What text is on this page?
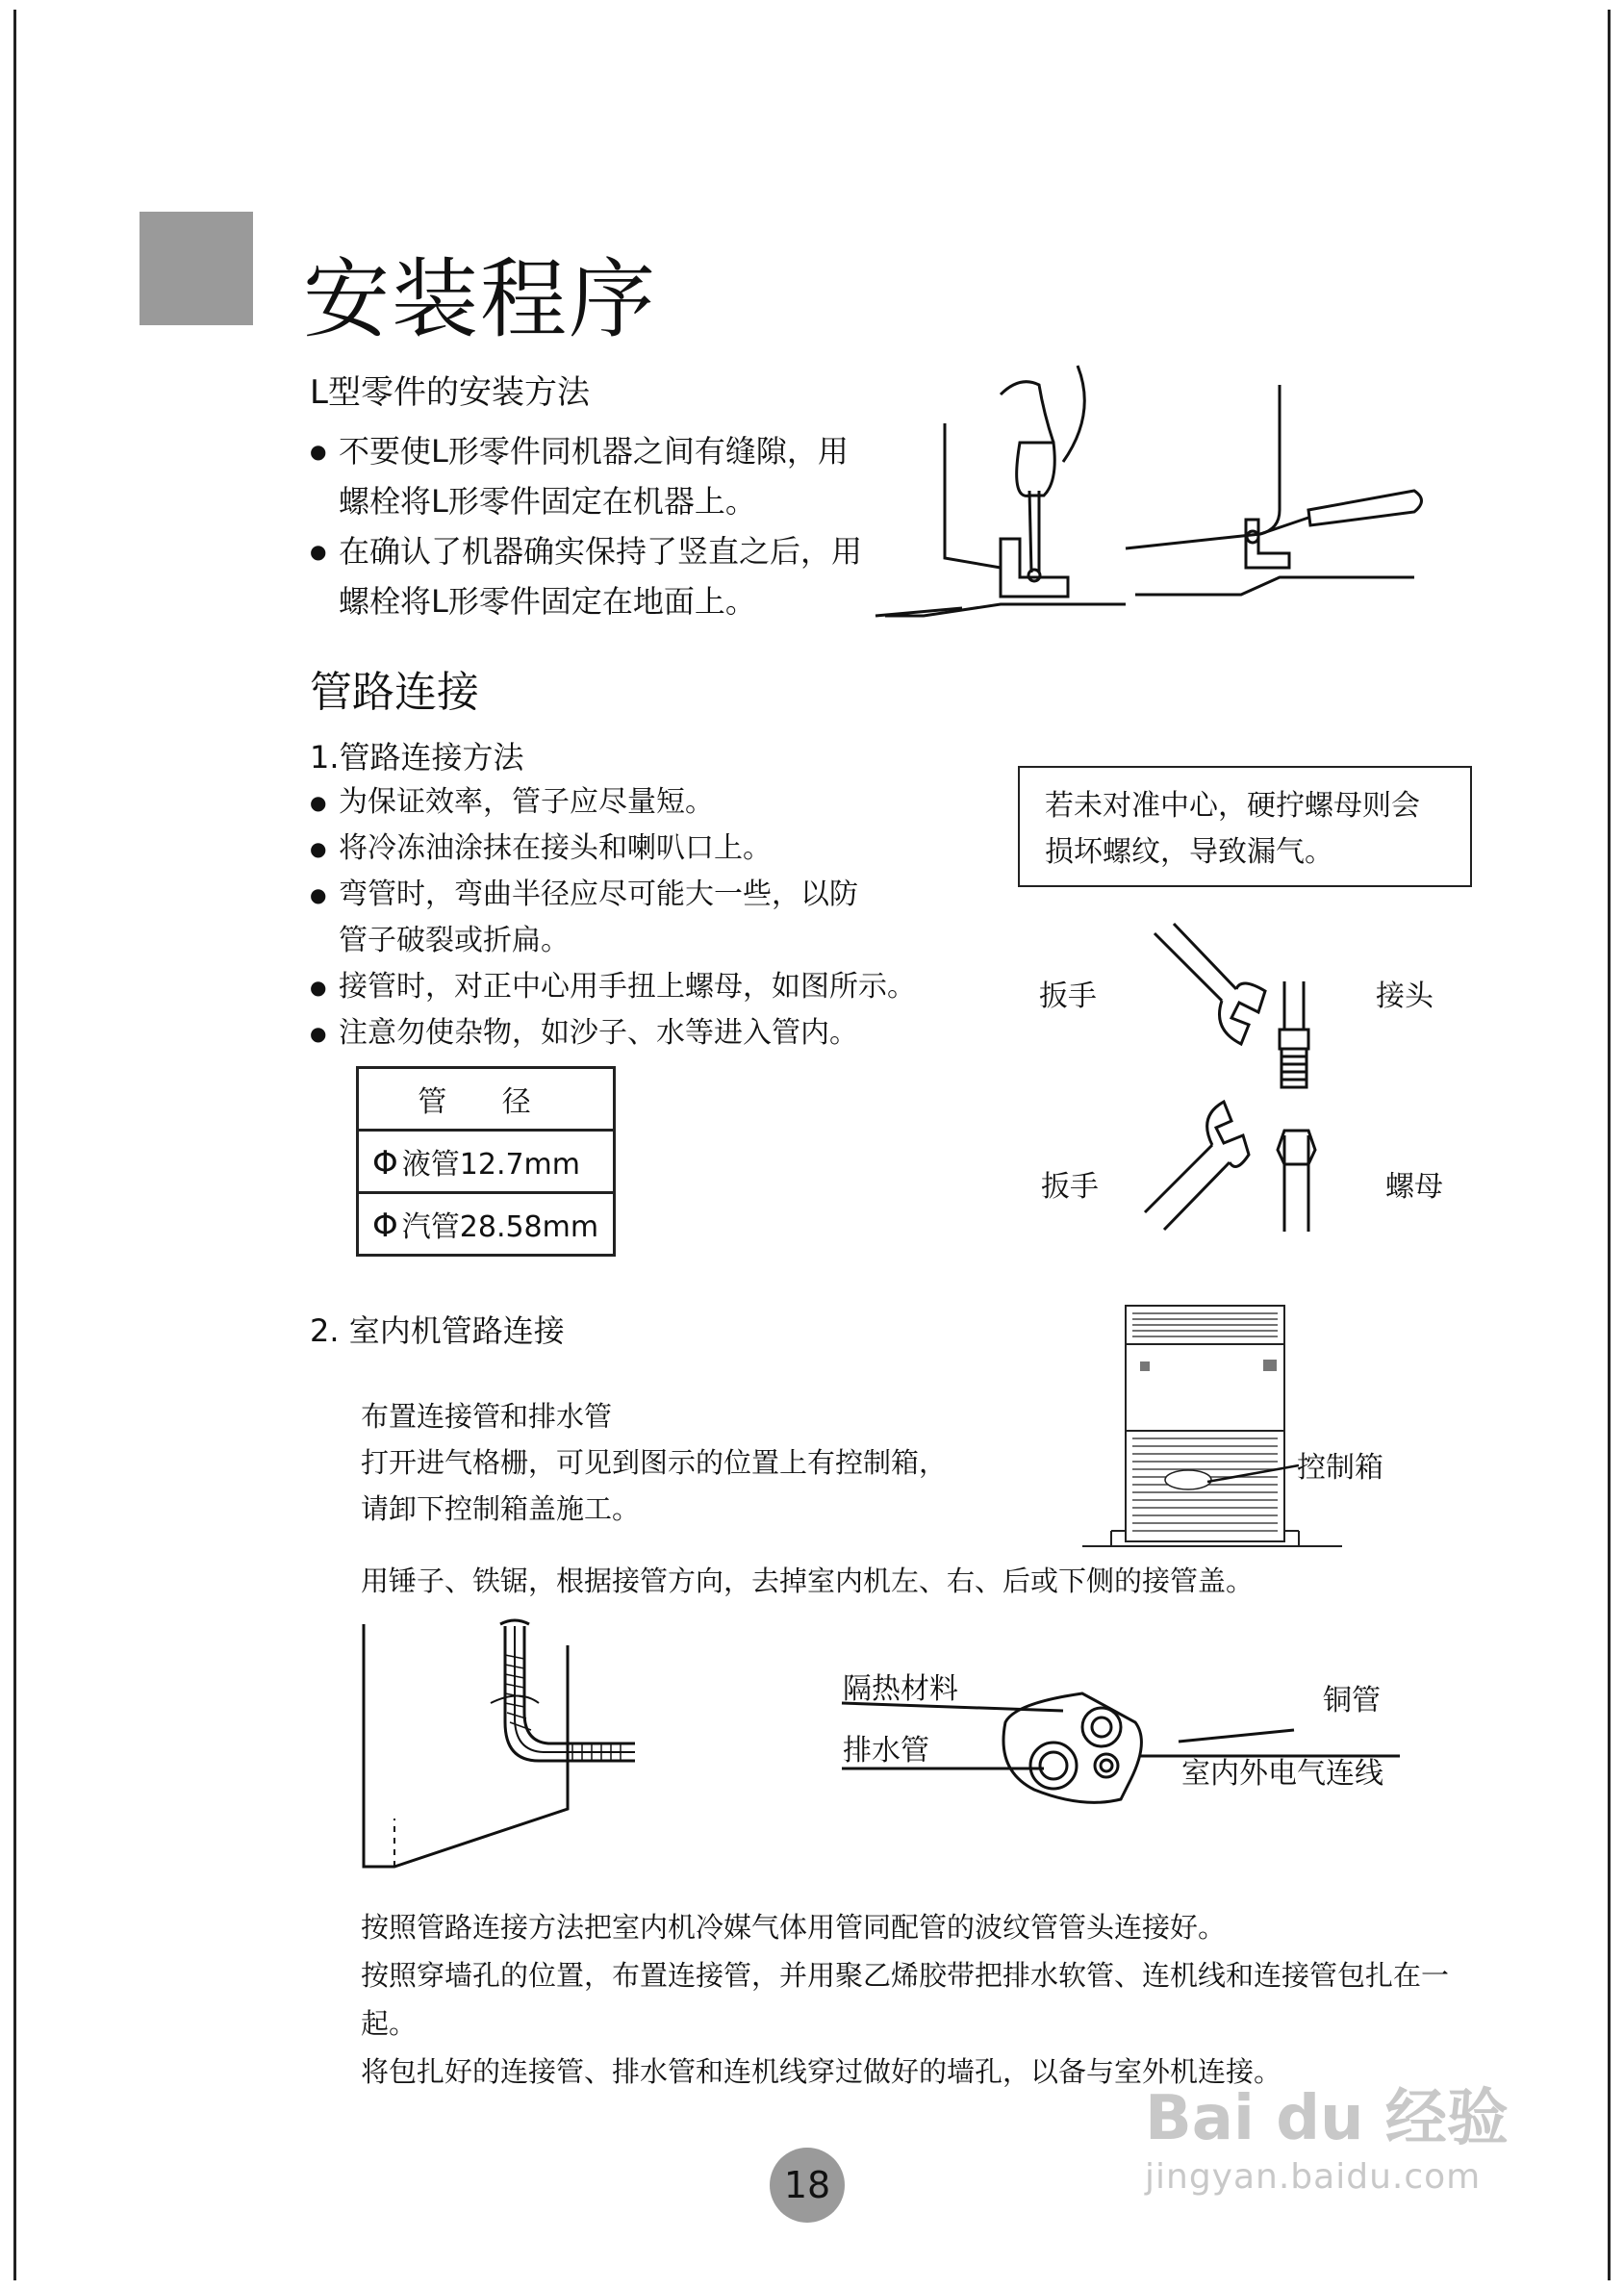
安装程序
L型零件的安装方法
● 不要使L形零件同机器之间有缝隙，用螺栓将L形零件固定在机器上。
● 在确认了机器确实保持了竖直之后，用螺栓将L形零件固定在地面上。
管路连接
1.管路连接方法
● 为保证效率，管子应尽量短。
● 将冷冻油涂抹在接头和喇叭口上。
● 弯管时，弯曲半径应尽可能大一些，以防管子破裂或折扁。
● 接管时，对正中心用手扭上螺母，如图所示。
● 注意勿使杂物，如沙子、水等进入管内。
若未对准中心，硬拧螺母则会损坏螺纹，导致漏气。
管 径
Φ 液管12.7mm
Φ 汽管28.58mm
扳手	接头
扳手	螺母
2. 室内机管路连接
布置连接管和排水管
打开进气格栅，可见到图示的位置上有控制箱，
请卸下控制箱盖施工。
控制箱
用锤子、铁锯，根据接管方向，去掉室内机左、右、后或下侧的接管盖。
隔热材料	铜管
排水管
室内外电气连线
按照管路连接方法把室内机冷媒气体用管同配管的波纹管管头连接好。
按照穿墙孔的位置，布置连接管，并用聚乙烯胶带把排水软管、连机线和连接管包扎在一起。
将包扎好的连接管、排水管和连机线穿过做好的墙孔，以备与室外机连接。
18
Bai du 经验
jingyan.baidu.com
